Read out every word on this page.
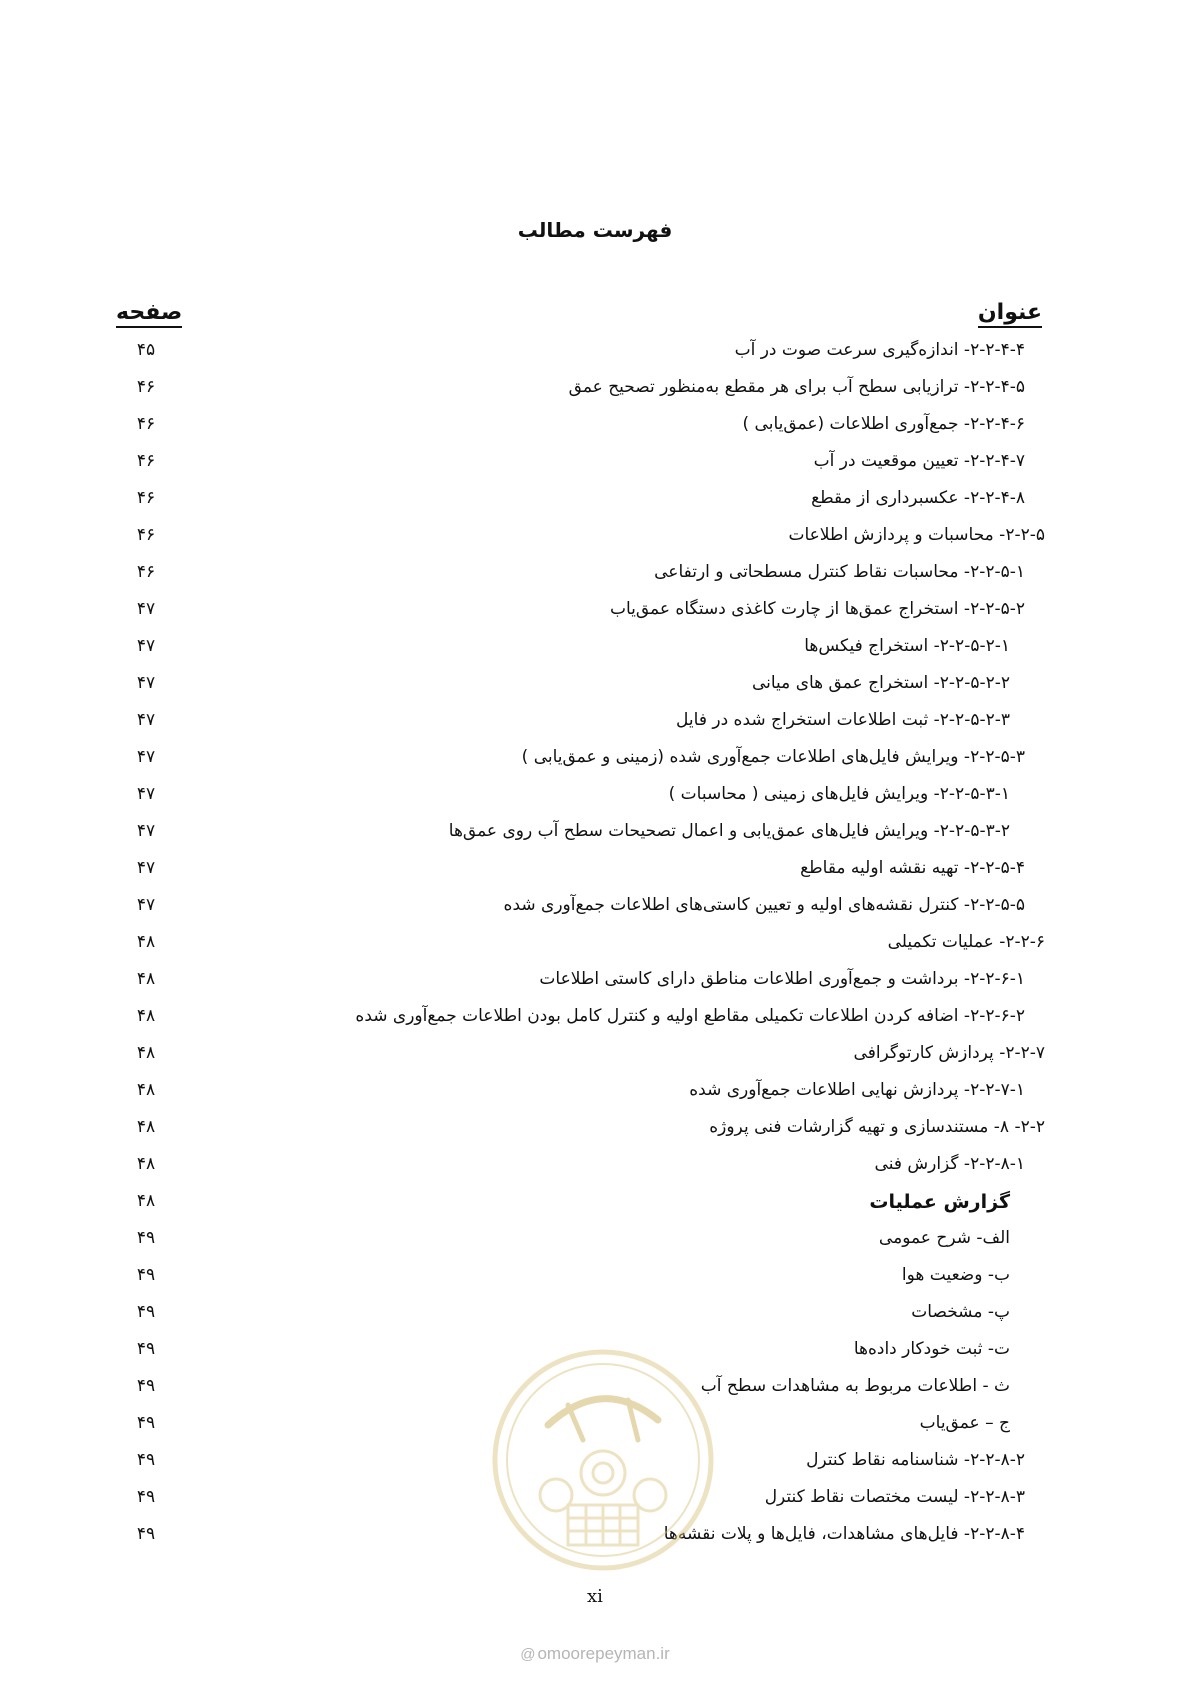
فهرست مطالب
عنوان
صفحه
۲-۲-۴-۴- اندازه‌گیری سرعت صوت در آب
۴۵
۲-۲-۴-۵- ترازیابی سطح آب برای هر مقطع به‌منظور تصحیح عمق
۴۶
۲-۲-۴-۶- جمع‌آوری اطلاعات (عمق‌یابی )
۴۶
۲-۲-۴-۷- تعیین موقعیت در آب
۴۶
۲-۲-۴-۸- عکسبرداری از مقطع
۴۶
۲-۲-۵- محاسبات و پردازش اطلاعات
۴۶
۲-۲-۵-۱- محاسبات نقاط کنترل مسطحاتی و ارتفاعی
۴۶
۲-۲-۵-۲- استخراج عمق‌ها از چارت کاغذی دستگاه عمق‌یاب
۴۷
۲-۲-۵-۲-۱- استخراج فیکس‌ها
۴۷
۲-۲-۵-۲-۲- استخراج عمق های میانی
۴۷
۲-۲-۵-۲-۳- ثبت اطلاعات استخراج شده در فایل
۴۷
۲-۲-۵-۳- ویرایش فایل‌های اطلاعات جمع‌آوری شده (زمینی و عمق‌یابی )
۴۷
۲-۲-۵-۳-۱- ویرایش فایل‌های زمینی ( محاسبات )
۴۷
۲-۲-۵-۳-۲- ویرایش فایل‌های عمق‌یابی و اعمال تصحیحات سطح آب روی عمق‌ها
۴۷
۲-۲-۵-۴- تهیه نقشه اولیه مقاطع
۴۷
۲-۲-۵-۵- کنترل نقشه‌های اولیه و تعیین کاستی‌های اطلاعات جمع‌آوری شده
۴۷
۲-۲-۶- عملیات تکمیلی
۴۸
۲-۲-۶-۱- برداشت و جمع‌آوری اطلاعات مناطق دارای کاستی اطلاعات
۴۸
۲-۲-۶-۲- اضافه کردن اطلاعات تکمیلی مقاطع اولیه و کنترل کامل بودن اطلاعات جمع‌آوری شده
۴۸
۲-۲-۷- پردازش کارتوگرافی
۴۸
۲-۲-۷-۱- پردازش نهایی اطلاعات جمع‌آوری شده
۴۸
۲-۲- ۸- مستندسازی و تهیه گزارشات فنی پروژه
۴۸
۲-۲-۸-۱- گزارش فنی
۴۸
گزارش عملیات
۴۸
الف- شرح عمومی
۴۹
ب- وضعیت هوا
۴۹
پ- مشخصات
۴۹
ت- ثبت خودکار داده‌ها
۴۹
ث - اطلاعات مربوط به مشاهدات سطح آب
۴۹
ج – عمق‌یاب
۴۹
۲-۲-۸-۲- شناسنامه نقاط کنترل
۴۹
۲-۲-۸-۳- لیست مختصات نقاط کنترل
۴۹
۲-۲-۸-۴- فایل‌های مشاهدات، فایل‌ها و پلات نقشه‌ها
۴۹
xi
@ omoorepeyman.ir
